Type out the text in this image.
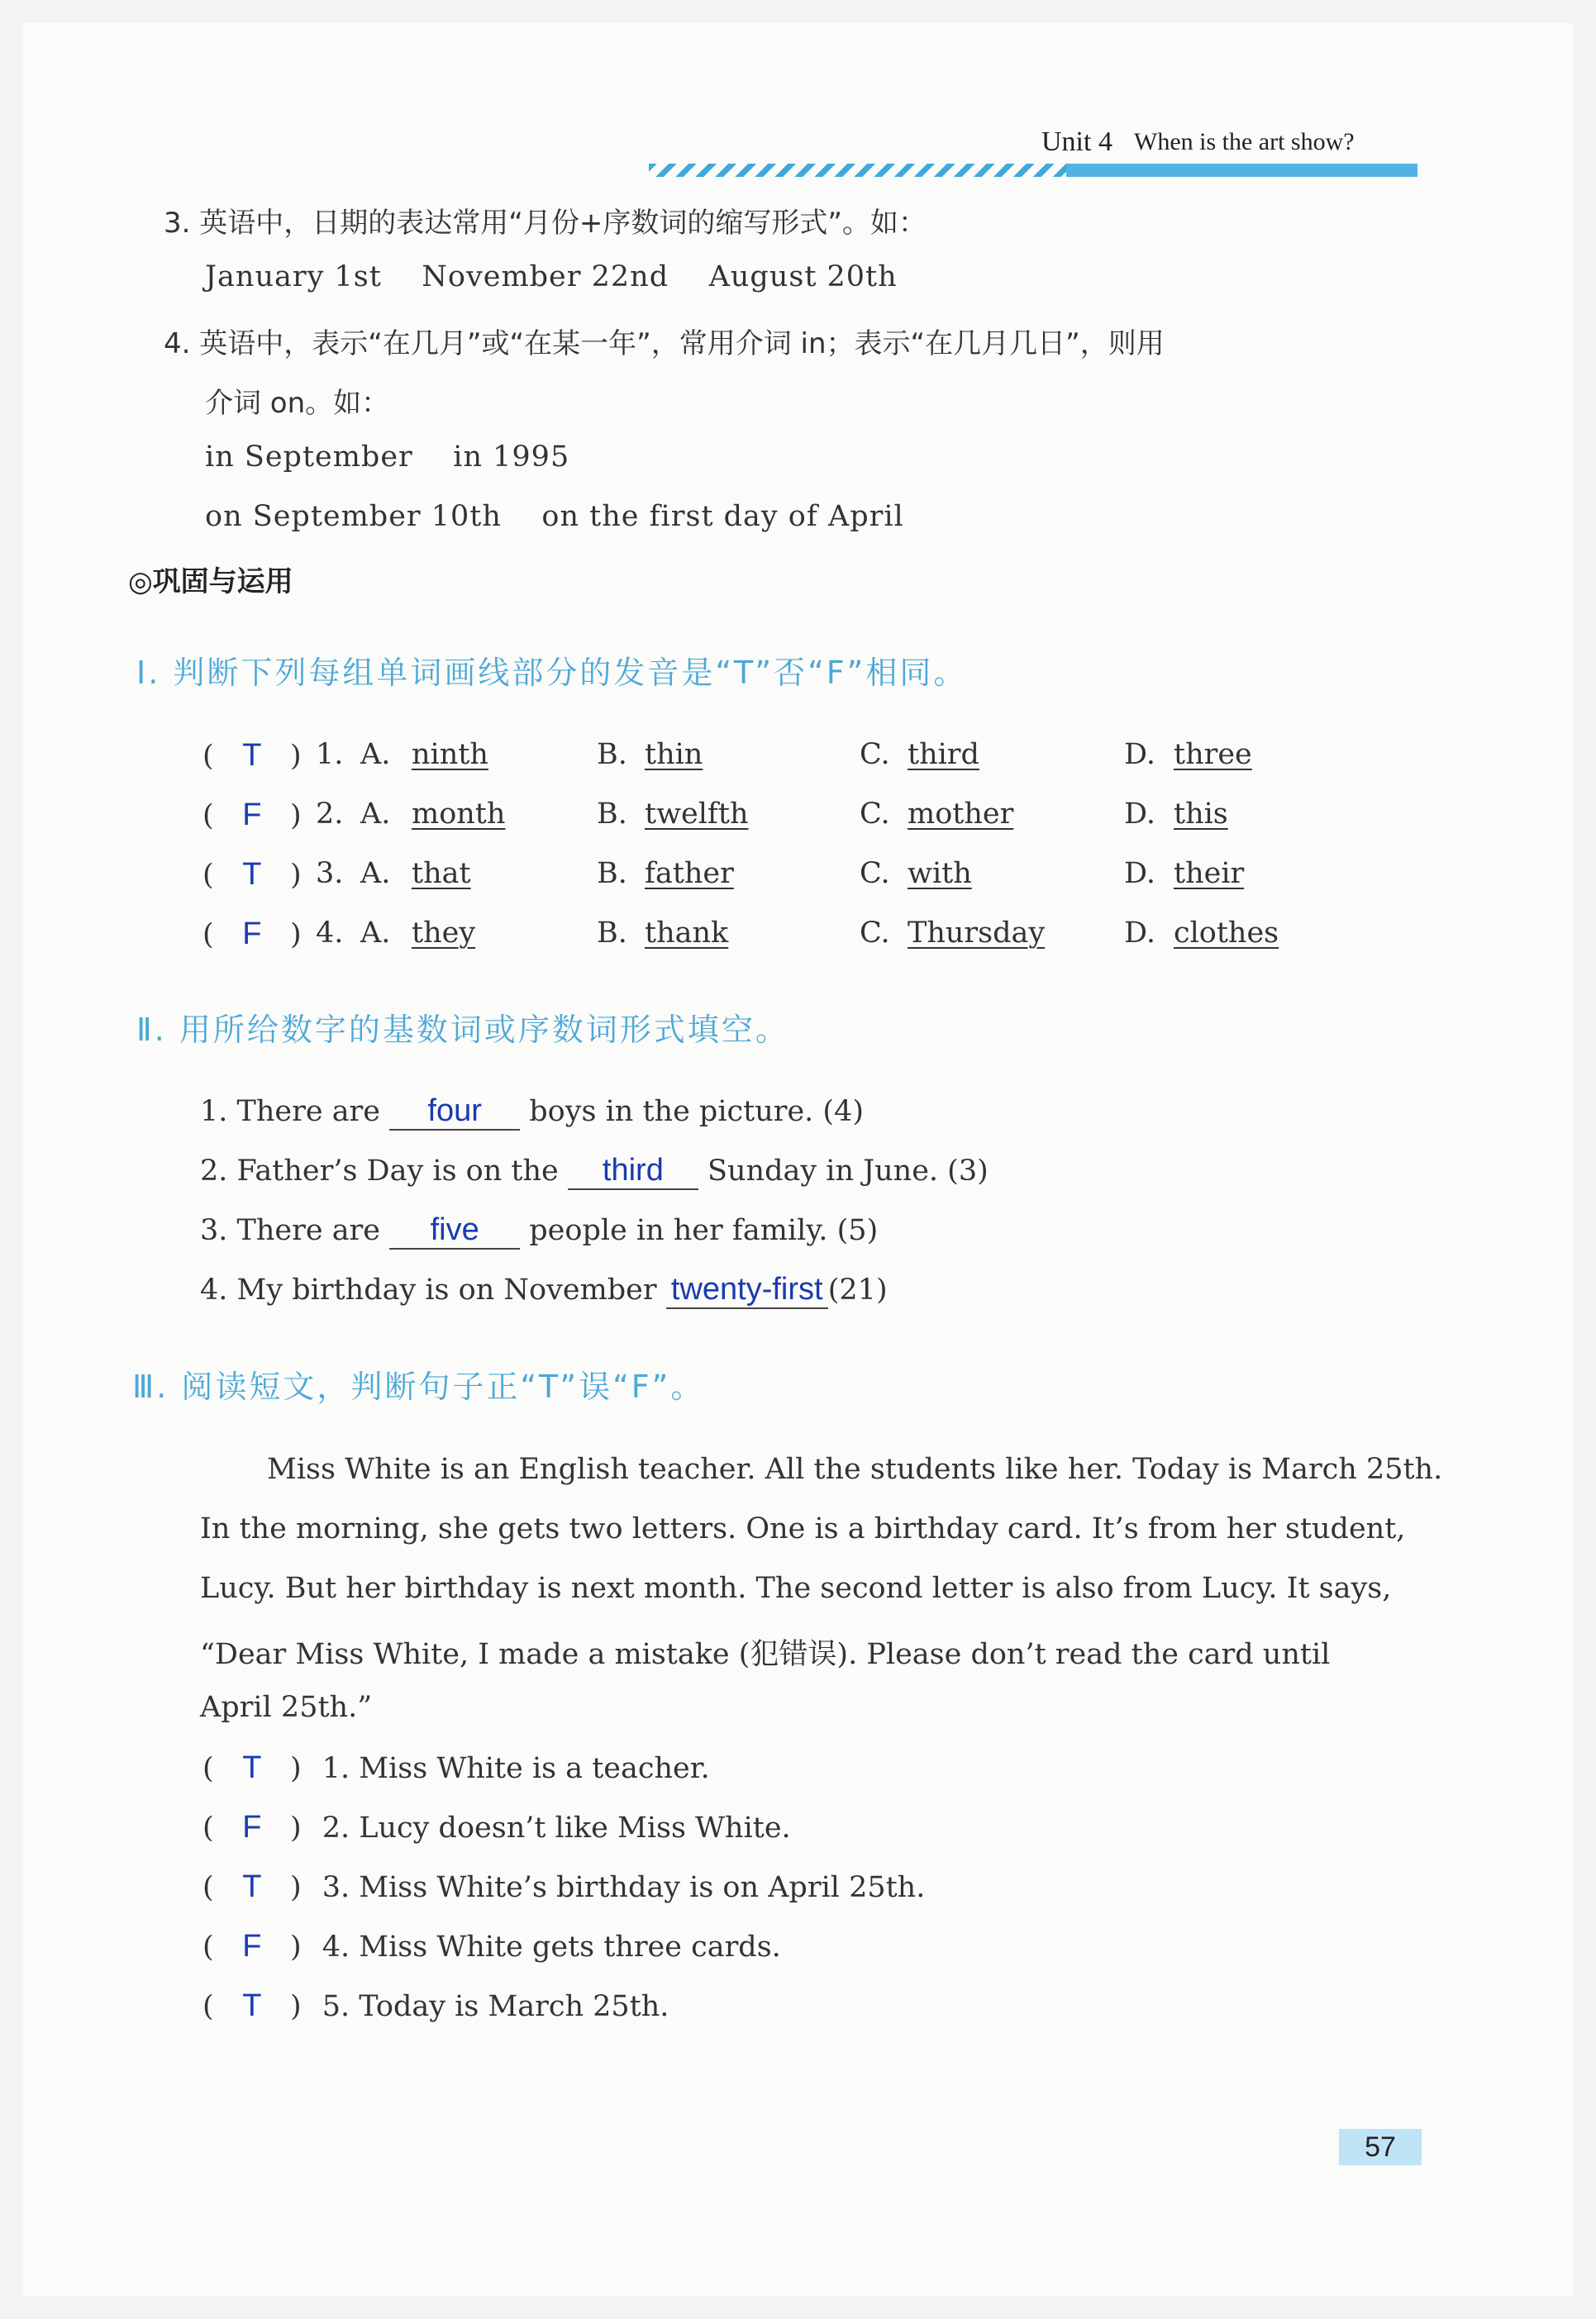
Unit 4 When is the art show?
3. 英语中，日期的表达常用“月份+序数词的缩写形式”。如：
January 1st    November 22nd    August 20th
4. 英语中，表示“在几月”或“在某一年”，常用介词 in；表示“在几月几日”，则用
介词 on。如：
in September    in 1995
on September 10th    on the first day of April
◎巩固与运用
Ⅰ. 判断下列每组单词画线部分的发音是“T”否“F”相同。
( T ) 1. A. ninth	B. thin	C. third	D. three
( F ) 2. A. month	B. twelfth	C. mother	D. this
( T ) 3. A. that	B. father	C. with	D. their
( F ) 4. A. they	B. thank	C. Thursday	D. clothes
Ⅱ. 用所给数字的基数词或序数词形式填空。
1. There are four boys in the picture. (4)
2. Father’s Day is on the third Sunday in June. (3)
3. There are five people in her family. (5)
4. My birthday is on November twenty-first (21)
Ⅲ. 阅读短文，判断句子正“T”误“F”。
Miss White is an English teacher. All the students like her. Today is March 25th.
In the morning, she gets two letters. One is a birthday card. It’s from her student,
Lucy. But her birthday is next month. The second letter is also from Lucy. It says,
“Dear Miss White, I made a mistake (犯错误). Please don’t read the card until
April 25th.”
( T ) 1. Miss White is a teacher.
( F ) 2. Lucy doesn’t like Miss White.
( T ) 3. Miss White’s birthday is on April 25th.
( F ) 4. Miss White gets three cards.
( T ) 5. Today is March 25th.
57
